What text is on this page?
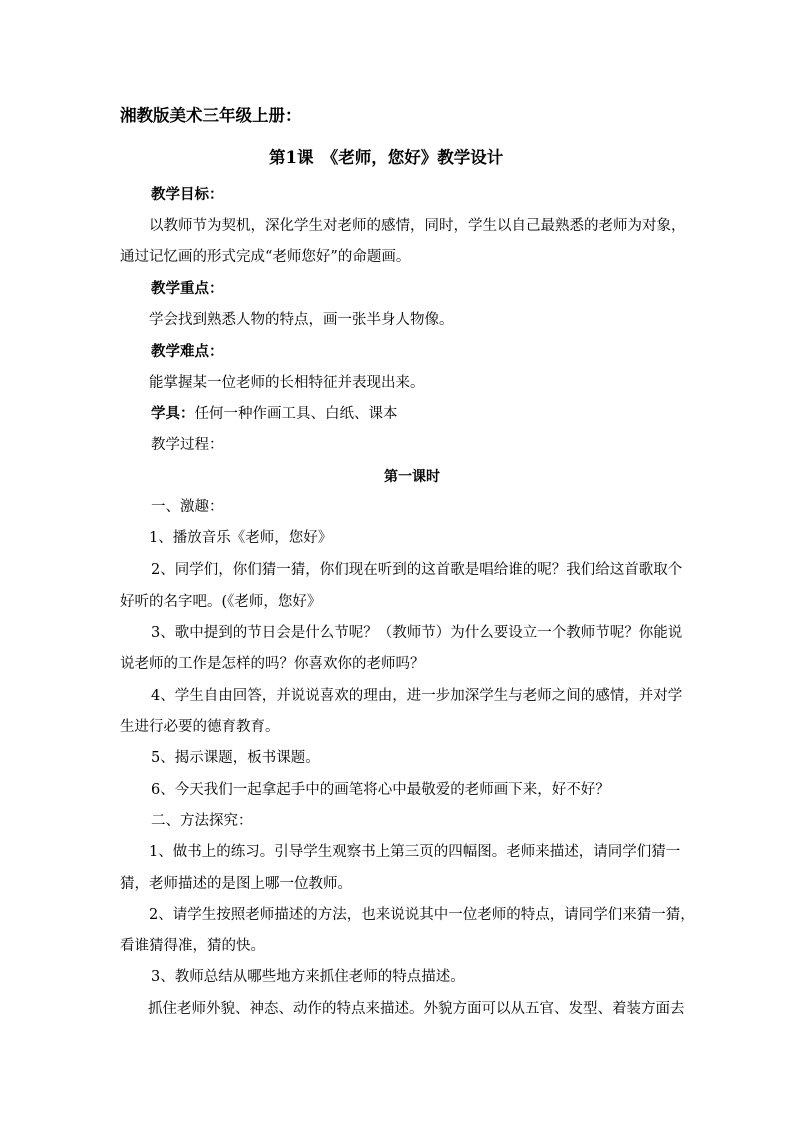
湘教版美术三年级上册：
第1课　《老师，您好》教学设计
教学目标：
以教师节为契机，深化学生对老师的感情，同时，学生以自己最熟悉的老师为对象，
通过记忆画的形式完成“老师您好”的命题画。
教学重点：
学会找到熟悉人物的特点，画一张半身人物像。
教学难点：
能掌握某一位老师的长相特征并表现出来。
学具：任何一种作画工具、白纸、课本
教学过程：
第一课时
一、激趣：
1、播放音乐《老师，您好》
2、同学们，你们猜一猜，你们现在听到的这首歌是唱给谁的呢？我们给这首歌取个
好听的名字吧。(《老师，您好》
3、歌中提到的节日会是什么节呢？（教师节）为什么要设立一个教师节呢？你能说
说老师的工作是怎样的吗？你喜欢你的老师吗？
4、学生自由回答，并说说喜欢的理由，进一步加深学生与老师之间的感情，并对学
生进行必要的德育教育。
5、揭示课题，板书课题。
6、今天我们一起拿起手中的画笔将心中最敬爱的老师画下来，好不好？
二、方法探究：
1、做书上的练习。引导学生观察书上第三页的四幅图。老师来描述，请同学们猜一
猜，老师描述的是图上哪一位教师。
2、请学生按照老师描述的方法，也来说说其中一位老师的特点，请同学们来猜一猜，
看谁猜得准，猜的快。
3、教师总结从哪些地方来抓住老师的特点描述。
抓住老师外貌、神态、动作的特点来描述。外貌方面可以从五官、发型、着装方面去
